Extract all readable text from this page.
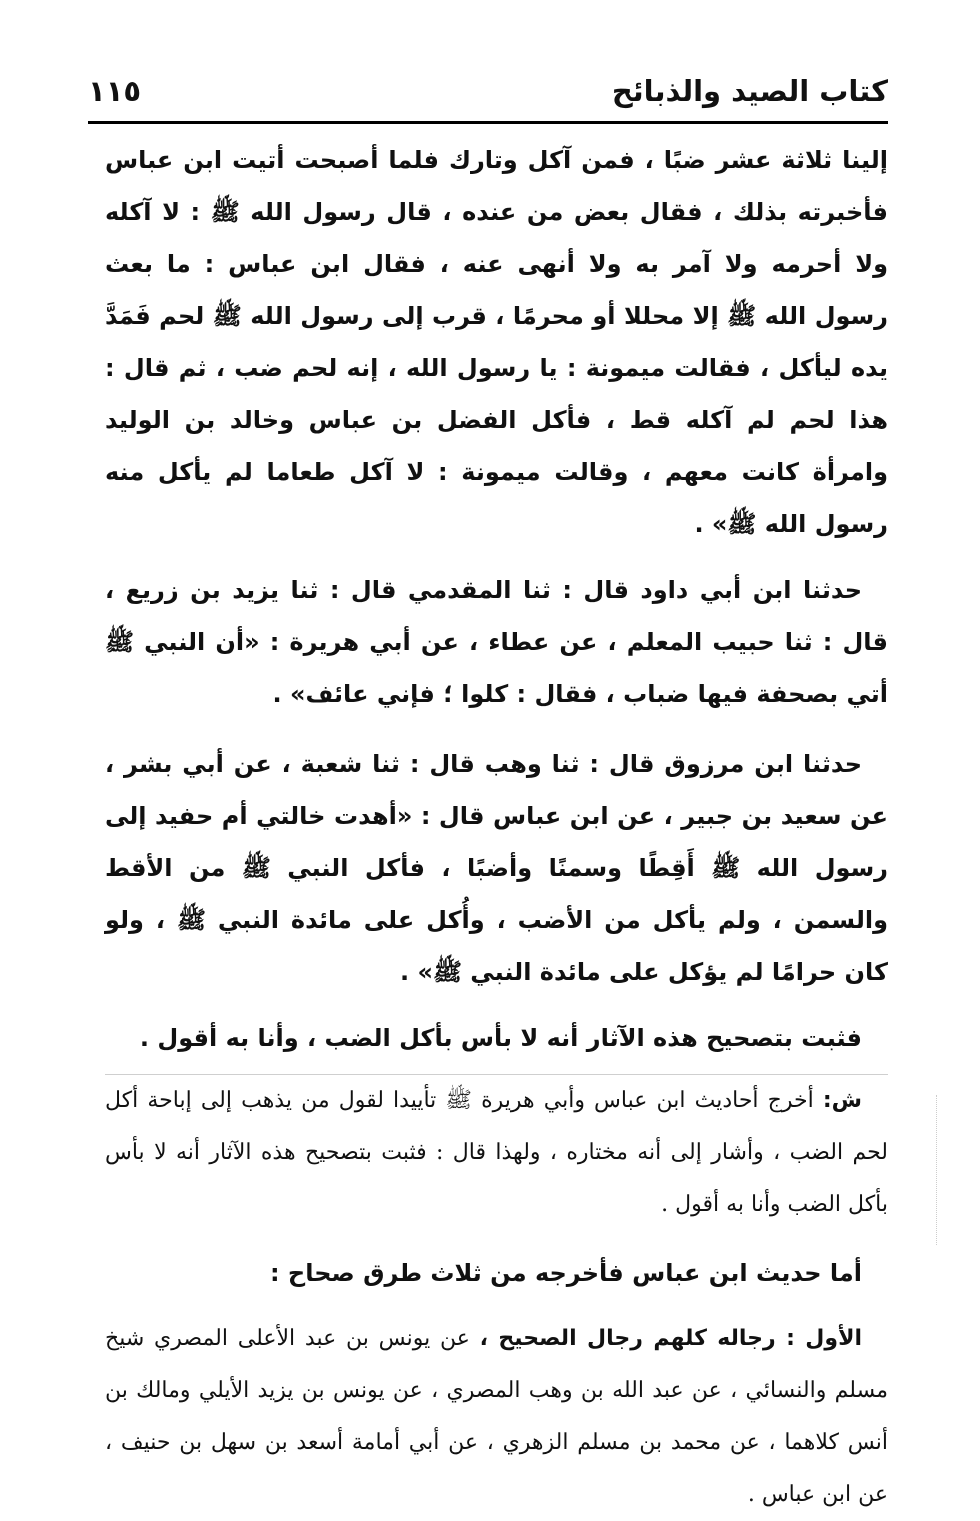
كتاب الصيد والذبائح
١١٥

إلينا ثلاثة عشر ضبًا ، فمن آكل وتارك فلما أصبحت أتيت ابن عباس فأخبرته بذلك ، فقال بعض من عنده ، قال رسول الله ﷺ : لا آكله ولا أحرمه ولا آمر به ولا أنهى عنه ، فقال ابن عباس : ما بعث رسول الله ﷺ إلا محللا أو محرمًا ، قرب إلى رسول الله ﷺ لحم فَمَدَّ يده ليأكل ، فقالت ميمونة : يا رسول الله ، إنه لحم ضب ، ثم قال : هذا لحم لم آكله قط ، فأكل الفضل بن عباس وخالد بن الوليد وامرأة كانت معهم ، وقالت ميمونة : لا آكل طعاما لم يأكل منه رسول الله ﷺ» .

حدثنا ابن أبي داود قال : ثنا المقدمي قال : ثنا يزيد بن زريع ، قال : ثنا حبيب المعلم ، عن عطاء ، عن أبي هريرة : «أن النبي ﷺ أتي بصحفة فيها ضباب ، فقال : كلوا ؛ فإني عائف» .

حدثنا ابن مرزوق قال : ثنا وهب قال : ثنا شعبة ، عن أبي بشر ، عن سعيد بن جبير ، عن ابن عباس قال : «أهدت خالتي أم حفيد إلى رسول الله ﷺ أَقِطًا وسمنًا وأضبًا ، فأكل النبي ﷺ من الأقط والسمن ، ولم يأكل من الأضب ، وأُكل على مائدة النبي ﷺ ، ولو كان حرامًا لم يؤكل على مائدة النبي ﷺ» .

فثبت بتصحيح هذه الآثار أنه لا بأس بأكل الضب ، وأنا به أقول .

ش: أخرج أحاديث ابن عباس وأبي هريرة ﷺ تأييدا لقول من يذهب إلى إباحة أكل لحم الضب ، وأشار إلى أنه مختاره ، ولهذا قال : فثبت بتصحيح هذه الآثار أنه لا بأس بأكل الضب وأنا به أقول .

أما حديث ابن عباس فأخرجه من ثلاث طرق صحاح :

الأول : رجاله كلهم رجال الصحيح ، عن يونس بن عبد الأعلى المصري شيخ مسلم والنسائي ، عن عبد الله بن وهب المصري ، عن يونس بن يزيد الأيلي ومالك بن أنس كلاهما ، عن محمد بن مسلم الزهري ، عن أبي أمامة أسعد بن سهل بن حنيف ، عن ابن عباس .
